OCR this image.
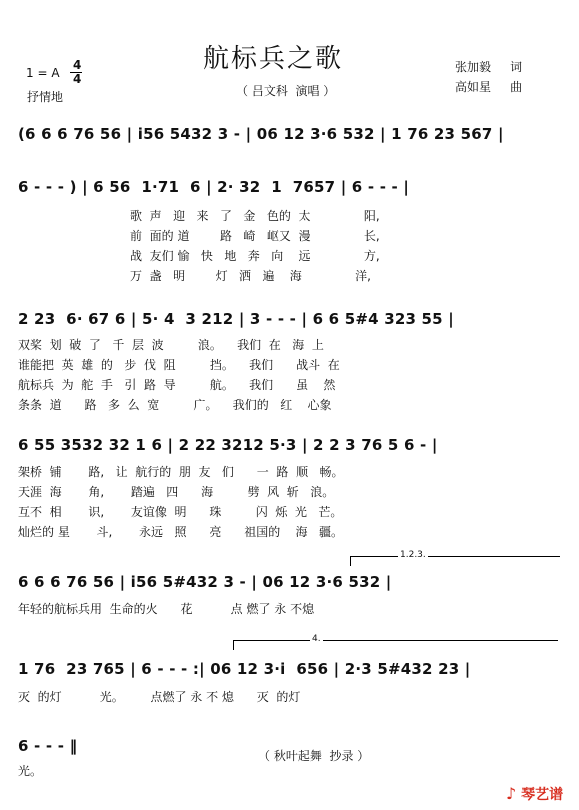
航标兵之歌
（ 吕文科  演唱 ）
1 = A
4
4
抒情地
张加毅     词
高如星     曲
(6 6 6 76 56 | i56 5432 3 - | 06 12 3·6 532 | 1 76 23 567 |
6 - - - ) | 6 56  1·71  6 | 2· 32  1  7657 | 6 - - - |
歌  声   迎   来   了   金   色的  太              阳,
前  面的 道        路   崎   岖又  漫              长,
战  友们 愉   快   地   奔   向    远              方,
万  盏   明        灯   洒   遍    海              洋,
2 23  6· 67 6 | 5· 4  3 212 | 3 - - - | 6 6 5#4 323 55 |
双桨  划  破  了   千  层  波         浪。    我们  在   海  上
谁能把  英  雄  的   步  伐  阻         挡。    我们      战斗  在
航标兵  为  舵  手   引  路  导         航。    我们      虽    然
条条  道      路   多  么  宽         广。    我们的   红    心象
6 55 3532 32 1 6 | 2 22 3212 5·3 | 2 2 3 76 5 6 - |
架桥  铺       路,   让  航行的  朋  友   们      一  路  顺   畅。
天涯  海       角,       踏遍   四      海         劈  风  斩   浪。
互不  相       识,       友谊像  明      珠         闪  烁  光   芒。
灿烂的 星       斗,       永远   照      亮      祖国的    海   疆。
1.2.3.
6 6 6 76 56 | i56 5#432 3 - | 06 12 3·6 532 |
年轻的航标兵用  生命的火      花          点 燃了 永 不熄
4.
1 76  23 765 | 6 - - - :| 06 12 3·i  656 | 2·3 5#432 23 |
灭  的灯          光。       点燃了 永 不 熄      灭  的灯
6 - - - ‖
光。
（ 秋叶起舞  抄录 ）
♪ 琴艺谱
